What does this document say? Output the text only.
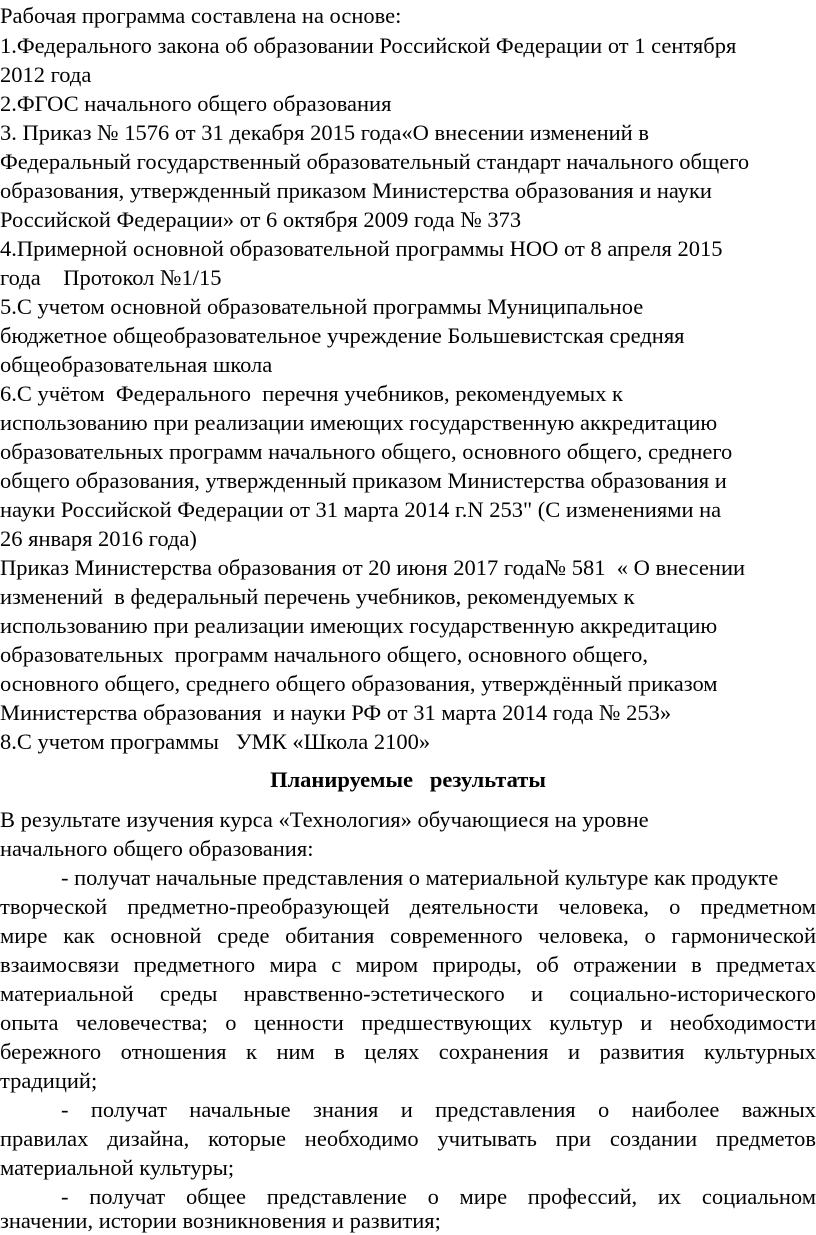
Рабочая программа составлена на основе:
1.Федерального закона об образовании Российской Федерации от 1 сентября
2012 года
2.ФГОС начального общего образования
3. Приказ № 1576 от 31 декабря 2015 года«О внесении изменений в
Федеральный государственный образовательный стандарт начального общего
образования, утвержденный приказом Министерства образования и науки
Российской Федерации» от 6 октября 2009 года № 373
4.Примерной основной образовательной программы НОО от 8 апреля 2015
года    Протокол №1/15
5.С учетом основной образовательной программы Муниципальное
бюджетное общеобразовательное учреждение Большевистская средняя
общеобразовательная школа
6.С учётом  Федерального  перечня учебников, рекомендуемых к
использованию при реализации имеющих государственную аккредитацию
образовательных программ начального общего, основного общего, среднего
общего образования, утвержденный приказом Министерства образования и
науки Российской Федерации от 31 марта 2014 г.N 253" (С изменениями на
26 января 2016 года)
Приказ Министерства образования от 20 июня 2017 года№ 581  « О внесении
изменений  в федеральный перечень учебников, рекомендуемых к
использованию при реализации имеющих государственную аккредитацию
образовательных  программ начального общего, основного общего,
основного общего, среднего общего образования, утверждённый приказом
Министерства образования  и науки РФ от 31 марта 2014 года № 253»
8.С учетом программы   УМК «Школа 2100»
Планируемые   результаты
В результате изучения курса «Технология» обучающиеся на уровне
начального общего образования:
- получат начальные представления о материальной культуре как продукте
творческой предметно-преобразующей деятельности человека, о предметном
мире как основной среде обитания современного человека, о гармонической
взаимосвязи предметного мира с миром природы, об отражении в предметах
материальной среды нравственно-эстетического и социально-исторического
опыта человечества; о ценности предшествующих культур и необходимости
бережного отношения к ним в целях сохранения и развития культурных
традиций;
- получат начальные знания и представления о наиболее важных
правилах дизайна, которые необходимо учитывать при создании предметов
материальной культуры;
- получат общее представление о мире профессий, их социальном
значении, истории возникновения и развития;
